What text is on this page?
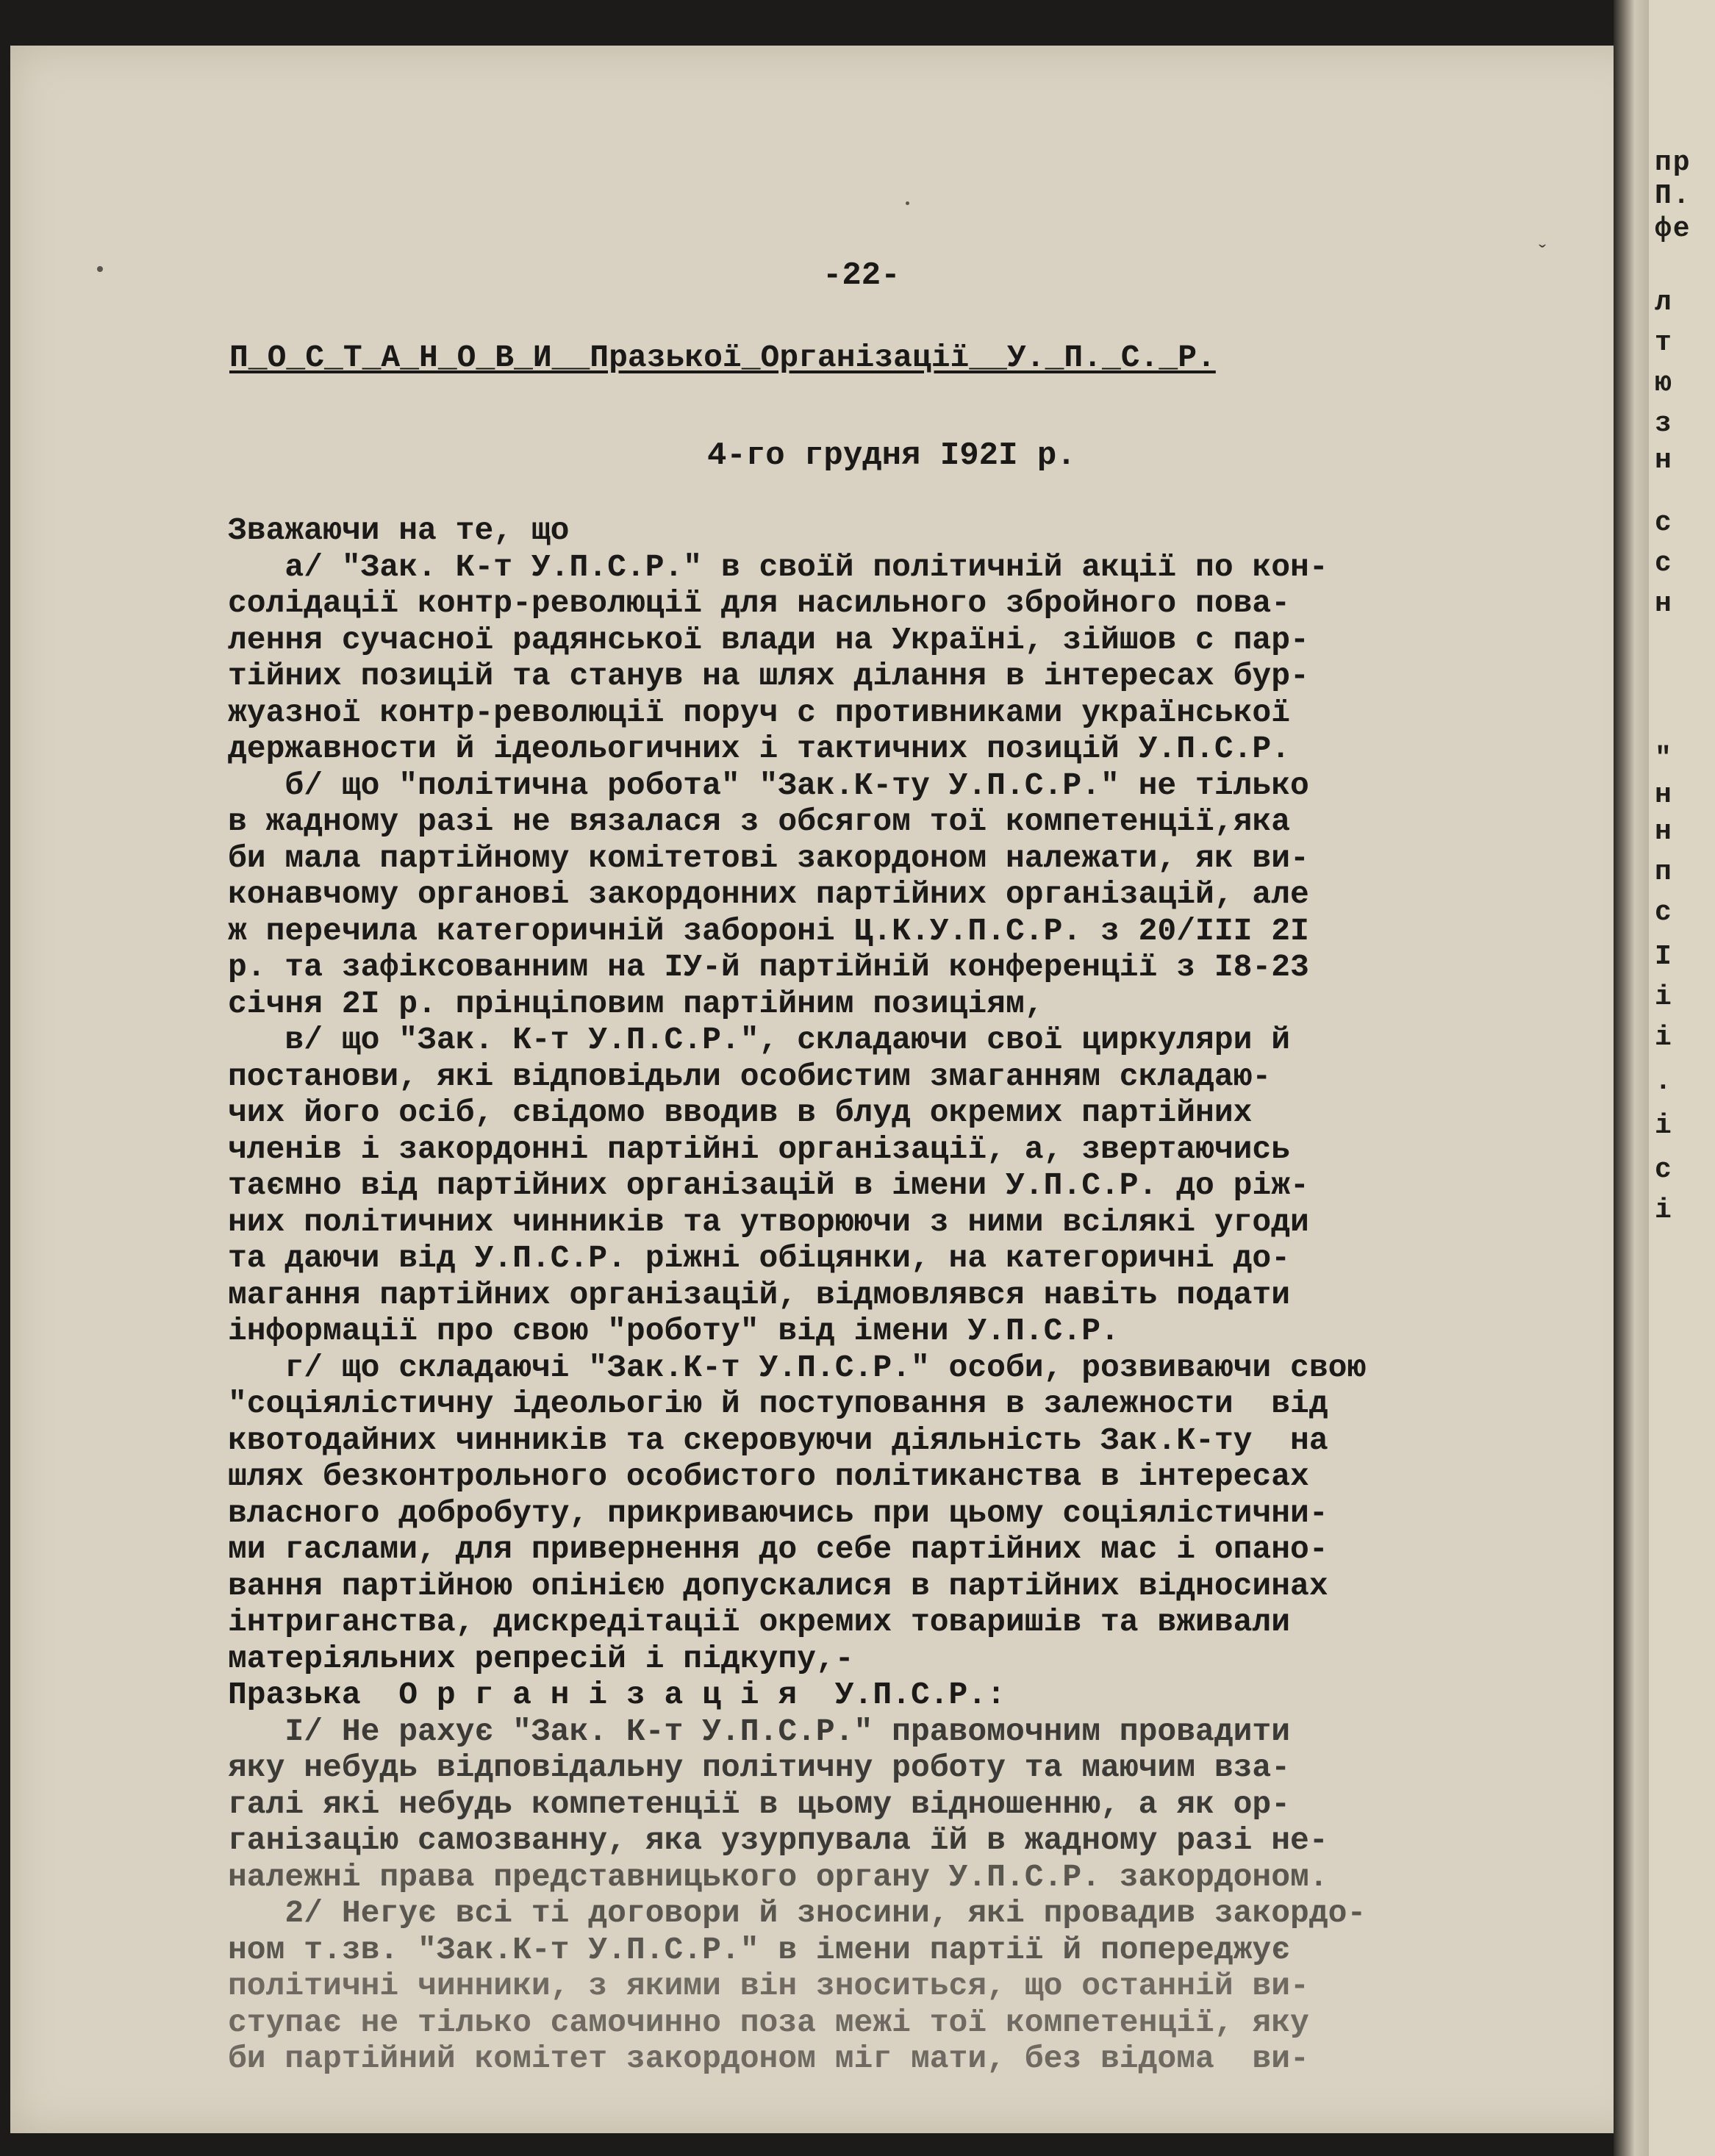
ˇ
-22-
П_О_С_Т_А_Н_О_В_И__Празької_Організації__У._П._С._Р.
4-го грудня I92I р.
Зважаючи на те, що
а/ "Зак. К-т У.П.С.Р." в своїй політичній акції по кон-
солідації контр-революції для насильного збройного пова-
лення сучасної радянської влади на Україні, зійшов с пар-
тійних позицій та станув на шлях ділання в інтересах бур-
жуазної контр-революції поруч с противниками української
державности й ідеольогичних і тактичних позицій У.П.С.Р.
б/ що "політична робота" "Зак.К-ту У.П.С.Р." не тілько
в жадному разі не вязалася з обсягом тої компетенції,яка
би мала партійному комітетові закордоном належати, як ви-
конавчому органові закордонних партійних організацій, але
ж перечила категоричній забороні Ц.К.У.П.С.Р. з 20/III 2I
р. та зафіксованним на IУ-й партійній конференції з I8-23
січня 2I р. прінціповим партійним позиціям,
в/ що "Зак. К-т У.П.С.Р.", складаючи свої циркуляри й
постанови, які відповідьли особистим змаганням складаю-
чих його осіб, свідомо вводив в блуд окремих партійних
членів і закордонні партійні організації, а, звертаючись
таємно від партійних організацій в імени У.П.С.Р. до ріж-
них політичних чинників та утворюючи з ними всілякі угоди
та даючи від У.П.С.Р. ріжні обіцянки, на категоричні до-
магання партійних організацій, відмовлявся навіть подати
інформації про свою "роботу" від імени У.П.С.Р.
г/ що складаючі "Зак.К-т У.П.С.Р." особи, розвиваючи свою
"соціялістичну ідеольогію й поступовання в залежности  від
квотодайних чинників та скеровуючи діяльність Зак.К-ту  на
шлях безконтрольного особистого політиканства в інтересах
власного добробуту, прикриваючись при цьому соціялістични-
ми гаслами, для привернення до себе партійних мас і опано-
вання партійною опінією допускалися в партійних відносинах
інтриганства, дискредітації окремих товаришів та вживали
матеріяльних репресій і підкупу,-
Празька  О р г а н і з а ц і я  У.П.С.Р.:
I/ Не рахує "Зак. К-т У.П.С.Р." правомочним провадити
яку небудь відповідальну політичну роботу та маючим вза-
галі які небудь компетенції в цьому відношенню, а як ор-
ганізацію самозванну, яка узурпувала їй в жадному разі не-
належні права представницького органу У.П.С.Р. закордоном.
2/ Негує всі ті договори й зносини, які провадив закордо-
ном т.зв. "Зак.К-т У.П.С.Р." в імени партії й попереджує
політичні чинники, з якими він зноситься, що останній ви-
ступає не тілько самочинно поза межі тої компетенції, яку
би партійний комітет закордоном міг мати, без відома  ви-
пр
П.
фе
л
т
ю
з
н
с
с
н
"
н
н
п
с
І
і
і
.
і
с
і
